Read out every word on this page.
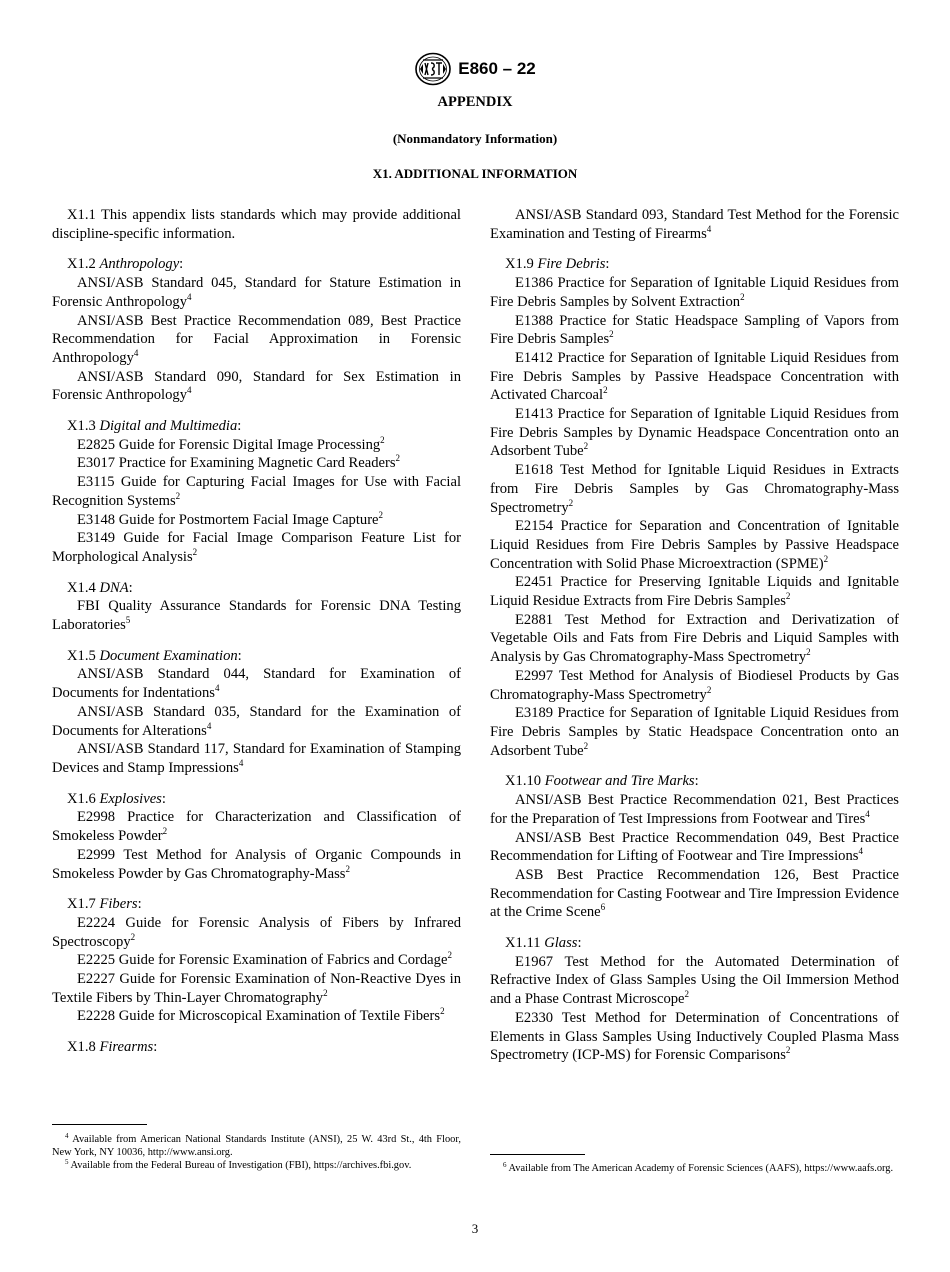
E860 – 22
APPENDIX
(Nonmandatory Information)
X1. ADDITIONAL INFORMATION

X1.1 This appendix lists standards which may provide additional discipline-specific information.

X1.2 Anthropology:

ANSI/ASB Standard 045, Standard for Stature Estimation in Forensic Anthropology$^4$

ANSI/ASB Best Practice Recommendation 089, Best Practice Recommendation for Facial Approximation in Forensic Anthropology$^4$

ANSI/ASB Standard 090, Standard for Sex Estimation in Forensic Anthropology$^4$

X1.3 Digital and Multimedia:

E2825 Guide for Forensic Digital Image Processing$^2$

E3017 Practice for Examining Magnetic Card Readers$^2$

E3115 Guide for Capturing Facial Images for Use with Facial Recognition Systems$^2$

E3148 Guide for Postmortem Facial Image Capture$^2$

E3149 Guide for Facial Image Comparison Feature List for Morphological Analysis$^2$

X1.4 DNA:

FBI Quality Assurance Standards for Forensic DNA Testing Laboratories$^5$

X1.5 Document Examination:

ANSI/ASB Standard 044, Standard for Examination of Documents for Indentations$^4$

ANSI/ASB Standard 035, Standard for the Examination of Documents for Alterations$^4$

ANSI/ASB Standard 117, Standard for Examination of Stamping Devices and Stamp Impressions$^4$

X1.6 Explosives:

E2998 Practice for Characterization and Classification of Smokeless Powder$^2$

E2999 Test Method for Analysis of Organic Compounds in Smokeless Powder by Gas Chromatography-Mass$^2$

X1.7 Fibers:

E2224 Guide for Forensic Analysis of Fibers by Infrared Spectroscopy$^2$

E2225 Guide for Forensic Examination of Fabrics and Cordage$^2$

E2227 Guide for Forensic Examination of Non-Reactive Dyes in Textile Fibers by Thin-Layer Chromatography$^2$

E2228 Guide for Microscopical Examination of Textile Fibers$^2$

X1.8 Firearms:

ANSI/ASB Standard 093, Standard Test Method for the Forensic Examination and Testing of Firearms$^4$

X1.9 Fire Debris:

E1386 Practice for Separation of Ignitable Liquid Residues from Fire Debris Samples by Solvent Extraction$^2$

E1388 Practice for Static Headspace Sampling of Vapors from Fire Debris Samples$^2$

E1412 Practice for Separation of Ignitable Liquid Residues from Fire Debris Samples by Passive Headspace Concentration with Activated Charcoal$^2$

E1413 Practice for Separation of Ignitable Liquid Residues from Fire Debris Samples by Dynamic Headspace Concentration onto an Adsorbent Tube$^2$

E1618 Test Method for Ignitable Liquid Residues in Extracts from Fire Debris Samples by Gas Chromatography-Mass Spectrometry$^2$

E2154 Practice for Separation and Concentration of Ignitable Liquid Residues from Fire Debris Samples by Passive Headspace Concentration with Solid Phase Microextraction (SPME)$^2$

E2451 Practice for Preserving Ignitable Liquids and Ignitable Liquid Residue Extracts from Fire Debris Samples$^2$

E2881 Test Method for Extraction and Derivatization of Vegetable Oils and Fats from Fire Debris and Liquid Samples with Analysis by Gas Chromatography-Mass Spectrometry$^2$

E2997 Test Method for Analysis of Biodiesel Products by Gas Chromatography-Mass Spectrometry$^2$

E3189 Practice for Separation of Ignitable Liquid Residues from Fire Debris Samples by Static Headspace Concentration onto an Adsorbent Tube$^2$

X1.10 Footwear and Tire Marks:

ANSI/ASB Best Practice Recommendation 021, Best Practices for the Preparation of Test Impressions from Footwear and Tires$^4$

ANSI/ASB Best Practice Recommendation 049, Best Practice Recommendation for Lifting of Footwear and Tire Impressions$^4$

ASB Best Practice Recommendation 126, Best Practice Recommendation for Casting Footwear and Tire Impression Evidence at the Crime Scene$^6$

X1.11 Glass:

E1967 Test Method for the Automated Determination of Refractive Index of Glass Samples Using the Oil Immersion Method and a Phase Contrast Microscope$^2$

E2330 Test Method for Determination of Concentrations of Elements in Glass Samples Using Inductively Coupled Plasma Mass Spectrometry (ICP-MS) for Forensic Comparisons$^2$

$^4$ Available from American National Standards Institute (ANSI), 25 W. 43rd St., 4th Floor, New York, NY 10036, http://www.ansi.org.

$^5$ Available from the Federal Bureau of Investigation (FBI), https://archives.fbi.gov.	$^6$ Available from The American Academy of Forensic Sciences (AAFS), https://www.aafs.org.

3
